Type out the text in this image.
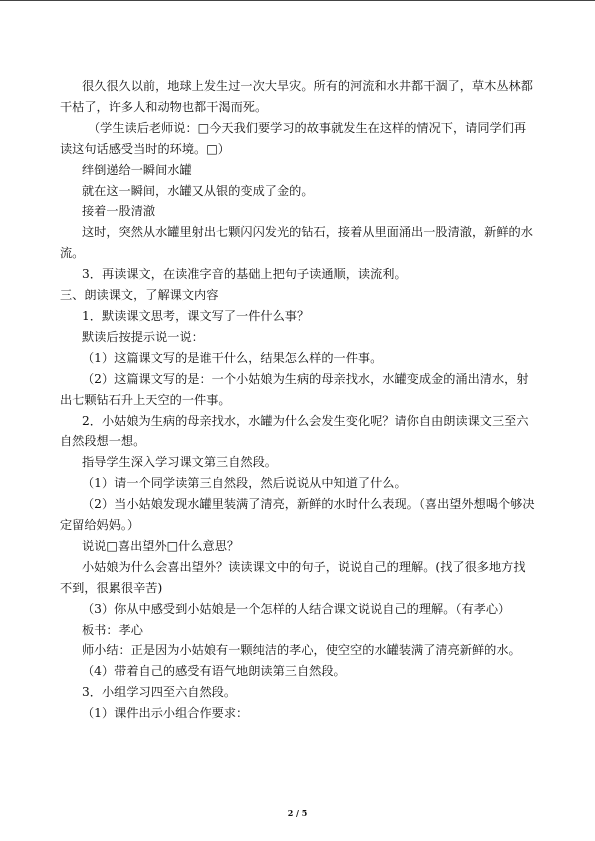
很久很久以前，地球上发生过一次大旱灾。所有的河流和水井都干涸了，草木丛林都干枯了，许多人和动物也都干渴而死。

（学生读后老师说：□今天我们要学习的故事就发生在这样的情况下，请同学们再读这句话感受当时的环境。□）

绊倒递给一瞬间水罐

就在这一瞬间，水罐又从银的变成了金的。

接着一股清澈

这时，突然从水罐里射出七颗闪闪发光的钻石，接着从里面涌出一股清澈，新鲜的水流。

3．再读课文，在读准字音的基础上把句子读通顺，读流利。

三、朗读课文，了解课文内容

1．默读课文思考，课文写了一件什么事？

默读后按提示说一说：

（1）这篇课文写的是谁干什么，结果怎么样的一件事。

（2）这篇课文写的是：一个小姑娘为生病的母亲找水，水罐变成金的涌出清水，射出七颗钻石升上天空的一件事。

2．小姑娘为生病的母亲找水，水罐为什么会发生变化呢？请你自由朗读课文三至六自然段想一想。

指导学生深入学习课文第三自然段。

（1）请一个同学读第三自然段，然后说说从中知道了什么。

（2）当小姑娘发现水罐里装满了清亮，新鲜的水时什么表现。（喜出望外想喝个够决定留给妈妈。）

说说□喜出望外□什么意思？

小姑娘为什么会喜出望外？读读课文中的句子，说说自己的理解。(找了很多地方找不到，很累很辛苦)

（3）你从中感受到小姑娘是一个怎样的人结合课文说说自己的理解。（有孝心）

板书：孝心

师小结：正是因为小姑娘有一颗纯洁的孝心，使空空的水罐装满了清亮新鲜的水。

（4）带着自己的感受有语气地朗读第三自然段。

3．小组学习四至六自然段。

（1）课件出示小组合作要求：

2 / 5
